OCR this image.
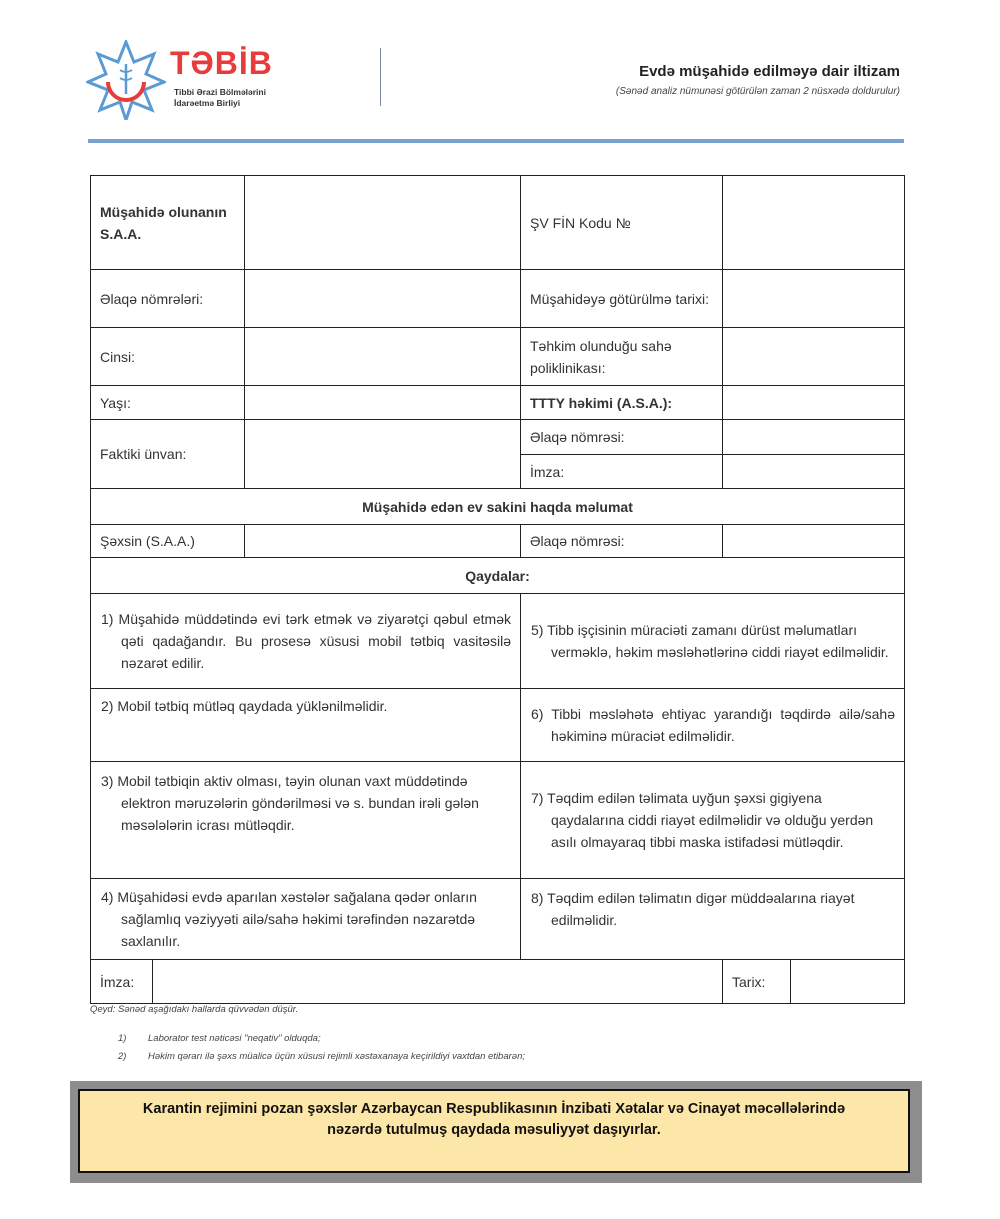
TƏBİB
Tibbi Ərazi Bölmələrini
İdarəetmə Birliyi
Evdə müşahidə edilməyə dair iltizam
(Sənəd analiz nümunəsi götürülən zaman 2 nüsxədə doldurulur)
Müşahidə olunanın S.A.A.			ŞV FİN Kodu №		
Əlaqə nömrələri:			Müşahidəyə götürülmə tarixi:		
Cinsi:			Təhkim olunduğu sahə poliklinikası:		
Yaşı:			TTTY həkimi (A.S.A.):		
Faktiki ünvan:			Əlaqə nömrəsi:		
			İmza:		
Müşahidə edən ev sakini haqda məlumat					
Şəxsin (S.A.A.)			Əlaqə nömrəsi:		
Qaydalar:					
1) Müşahidə müddətində evi tərk etmək və ziyarətçi qəbul etmək qəti qadağandır. Bu prosesə xüsusi mobil tətbiq vasitəsilə nəzarət edilir.			5) Tibb işçisinin müraciəti zamanı dürüst məlumatları verməklə, həkim məsləhətlərinə ciddi riayət edilməlidir.		
2) Mobil tətbiq mütləq qaydada yüklənilməlidir.			6) Tibbi məsləhətə ehtiyac yarandığı təqdirdə ailə/sahə həkiminə müraciət edilməlidir.		
3) Mobil tətbiqin aktiv olması, təyin olunan vaxt müddətində elektron məruzələrin göndərilməsi və s. bundan irəli gələn məsələlərin icrası mütləqdir.			7) Təqdim edilən təlimata uyğun şəxsi gigiyena qaydalarına ciddi riayət edilməlidir və olduğu yerdən asılı olmayaraq tibbi maska istifadəsi mütləqdir.		
4) Müşahidəsi evdə aparılan xəstələr sağalana qədər onların sağlamlıq vəziyyəti ailə/sahə həkimi tərəfindən nəzarətdə saxlanılır.			8) Təqdim edilən təlimatın digər müddəalarına riayət edilməlidir.		
İmza:				Tarix:	
Qeyd: Sənəd aşağıdakı hallarda qüvvədən düşür.
1) Laborator test nəticəsi "neqativ" olduqda;
2) Həkim qərarı ilə şəxs müalicə üçün xüsusi rejimli xəstəxanaya keçirildiyi vaxtdan etibarən;
Karantin rejimini pozan şəxslər Azərbaycan Respublikasının İnzibati Xətalar və Cinayət məcəllələrində
nəzərdə tutulmuş qaydada məsuliyyət daşıyırlar.
